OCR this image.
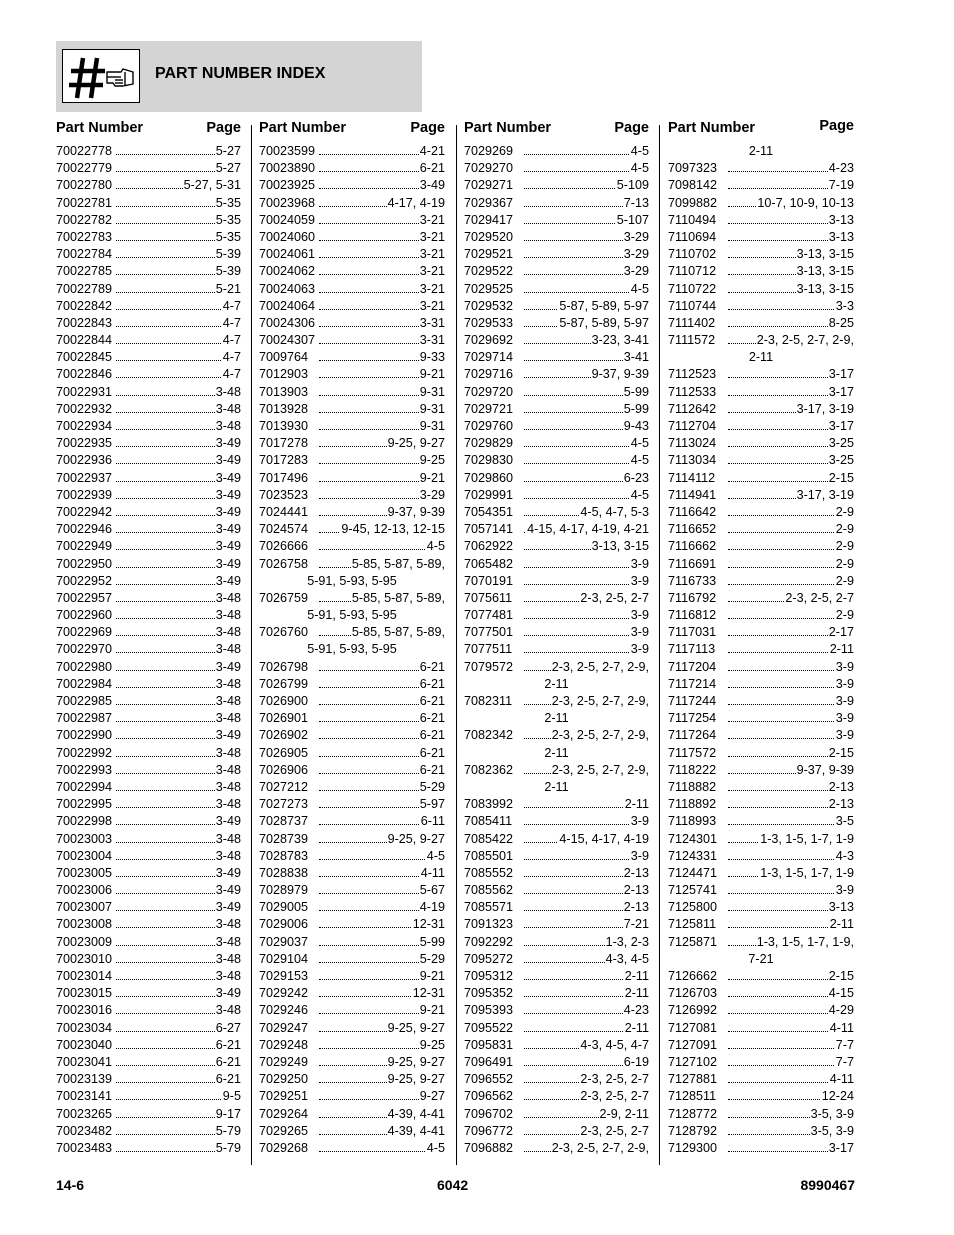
PART NUMBER INDEX
Part Number	Page
70022778	5-27
70022779	5-27
70022780	5-27, 5-31
70022781	5-35
70022782	5-35
70022783	5-35
70022784	5-39
70022785	5-39
70022789	5-21
70022842	4-7
70022843	4-7
70022844	4-7
70022845	4-7
70022846	4-7
70022931	3-48
70022932	3-48
70022934	3-48
70022935	3-49
70022936	3-49
70022937	3-49
70022939	3-49
70022942	3-49
70022946	3-49
70022949	3-49
70022950	3-49
70022952	3-49
70022957	3-48
70022960	3-48
70022969	3-48
70022970	3-48
70022980	3-49
70022984	3-48
70022985	3-48
70022987	3-48
70022990	3-49
70022992	3-48
70022993	3-48
70022994	3-48
70022995	3-48
70022998	3-49
70023003	3-48
70023004	3-48
70023005	3-49
70023006	3-49
70023007	3-49
70023008	3-48
70023009	3-48
70023010	3-48
70023014	3-48
70023015	3-49
70023016	3-48
70023034	6-27
70023040	6-21
70023041	6-21
70023139	6-21
70023141	9-5
70023265	9-17
70023482	5-79
70023483	5-79
Part Number	Page
70023599	4-21
70023890	6-21
70023925	3-49
70023968	4-17, 4-19
70024059	3-21
70024060	3-21
70024061	3-21
70024062	3-21
70024063	3-21
70024064	3-21
70024306	3-31
70024307	3-31
7009764	9-33
7012903	9-21
7013903	9-31
7013928	9-31
7013930	9-31
7017278	9-25, 9-27
7017283	9-25
7017496	9-21
7023523	3-29
7024441	9-37, 9-39
7024574	9-45, 12-13, 12-15
7026666	4-5
7026758	5-85, 5-87, 5-89,
5-91, 5-93, 5-95
7026759	5-85, 5-87, 5-89,
5-91, 5-93, 5-95
7026760	5-85, 5-87, 5-89,
5-91, 5-93, 5-95
7026798	6-21
7026799	6-21
7026900	6-21
7026901	6-21
7026902	6-21
7026905	6-21
7026906	6-21
7027212	5-29
7027273	5-97
7028737	6-11
7028739	9-25, 9-27
7028783	4-5
7028838	4-11
7028979	5-67
7029005	4-19
7029006	12-31
7029037	5-99
7029104	5-29
7029153	9-21
7029242	12-31
7029246	9-21
7029247	9-25, 9-27
7029248	9-25
7029249	9-25, 9-27
7029250	9-25, 9-27
7029251	9-27
7029264	4-39, 4-41
7029265	4-39, 4-41
7029268	4-5
Part Number	Page
7029269	4-5
7029270	4-5
7029271	5-109
7029367	7-13
7029417	5-107
7029520	3-29
7029521	3-29
7029522	3-29
7029525	4-5
7029532	5-87, 5-89, 5-97
7029533	5-87, 5-89, 5-97
7029692	3-23, 3-41
7029714	3-41
7029716	9-37, 9-39
7029720	5-99
7029721	5-99
7029760	9-43
7029829	4-5
7029830	4-5
7029860	6-23
7029991	4-5
7054351	4-5, 4-7, 5-3
7057141 4-15, 4-17, 4-19, 4-21
7062922	3-13, 3-15
7065482	3-9
7070191	3-9
7075611	2-3, 2-5, 2-7
7077481	3-9
7077501	3-9
7077511	3-9
7079572	2-3, 2-5, 2-7, 2-9,
2-11
7082311	2-3, 2-5, 2-7, 2-9,
2-11
7082342	2-3, 2-5, 2-7, 2-9,
2-11
7082362	2-3, 2-5, 2-7, 2-9,
2-11
7083992	2-11
7085411	3-9
7085422	4-15, 4-17, 4-19
7085501	3-9
7085552	2-13
7085562	2-13
7085571	2-13
7091323	7-21
7092292	1-3, 2-3
7095272	4-3, 4-5
7095312	2-11
7095352	2-11
7095393	4-23
7095522	2-11
7095831	4-3, 4-5, 4-7
7096491	6-19
7096552	2-3, 2-5, 2-7
7096562	2-3, 2-5, 2-7
7096702	2-9, 2-11
7096772	2-3, 2-5, 2-7
7096882	2-3, 2-5, 2-7, 2-9,
Part Number	Page
2-11
7097323	4-23
7098142	7-19
7099882	10-7, 10-9, 10-13
7110494	3-13
7110694	3-13
7110702	3-13, 3-15
7110712	3-13, 3-15
7110722	3-13, 3-15
7110744	3-3
7111402	8-25
7111572	2-3, 2-5, 2-7, 2-9,
2-11
7112523	3-17
7112533	3-17
7112642	3-17, 3-19
7112704	3-17
7113024	3-25
7113034	3-25
7114112	2-15
7114941	3-17, 3-19
7116642	2-9
7116652	2-9
7116662	2-9
7116691	2-9
7116733	2-9
7116792	2-3, 2-5, 2-7
7116812	2-9
7117031	2-17
7117113	2-11
7117204	3-9
7117214	3-9
7117244	3-9
7117254	3-9
7117264	3-9
7117572	2-15
7118222	9-37, 9-39
7118882	2-13
7118892	2-13
7118993	3-5
7124301	1-3, 1-5, 1-7, 1-9
7124331	4-3
7124471	1-3, 1-5, 1-7, 1-9
7125741	3-9
7125800	3-13
7125811	2-11
7125871	1-3, 1-5, 1-7, 1-9,
7-21
7126662	2-15
7126703	4-15
7126992	4-29
7127081	4-11
7127091	7-7
7127102	7-7
7127881	4-11
7128511	12-24
7128772	3-5, 3-9
7128792	3-5, 3-9
7129300	3-17
14-6	6042	8990467
